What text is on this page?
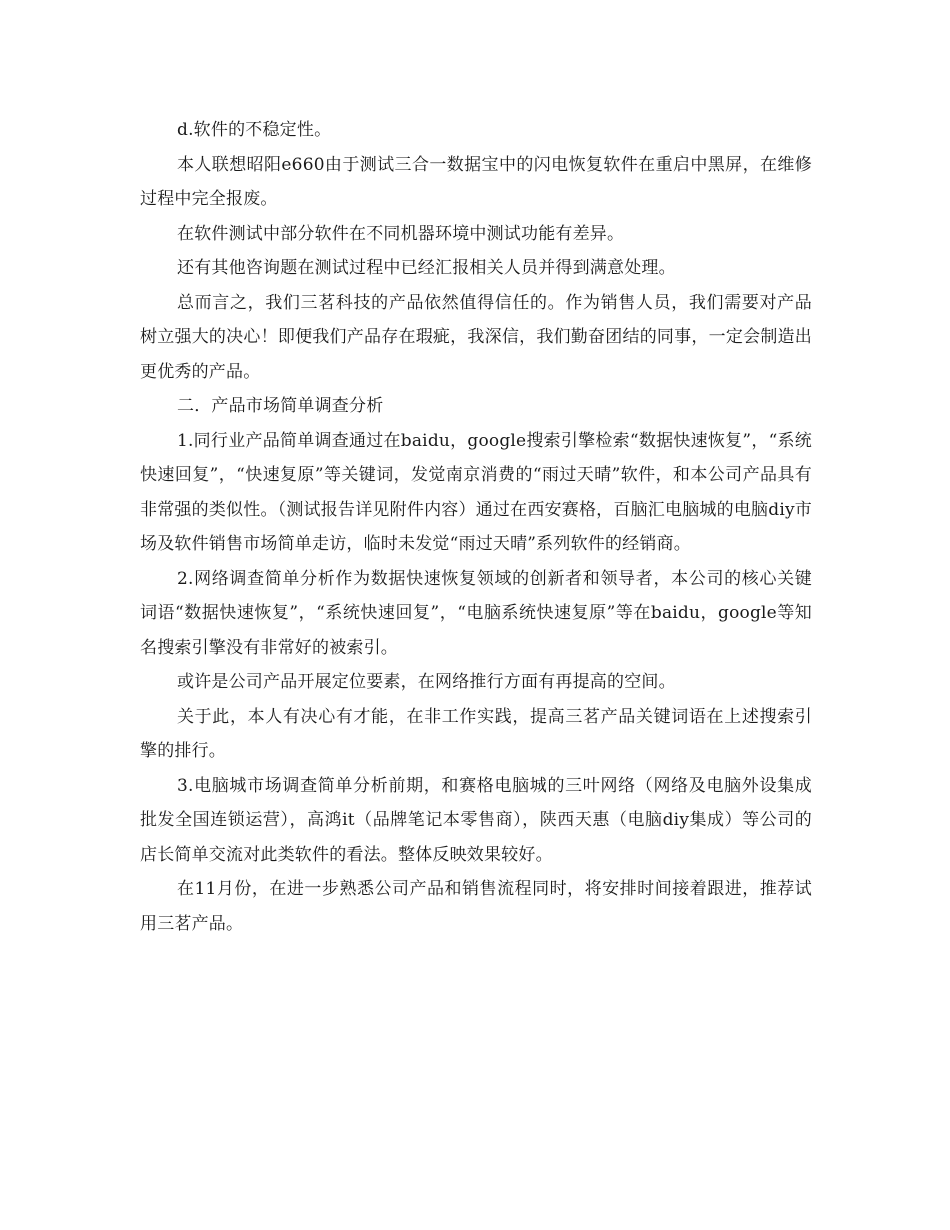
d.软件的不稳定性。

本人联想昭阳e660由于测试三合一数据宝中的闪电恢复软件在重启中黑屏，在维修过程中完全报废。

在软件测试中部分软件在不同机器环境中测试功能有差异。

还有其他咨询题在测试过程中已经汇报相关人员并得到满意处理。

总而言之，我们三茗科技的产品依然值得信任的。作为销售人员，我们需要对产品树立强大的决心！即便我们产品存在瑕疵，我深信，我们勤奋团结的同事，一定会制造出更优秀的产品。

二．产品市场简单调查分析

1.同行业产品简单调查通过在baidu，google搜索引擎检索“数据快速恢复”，“系统快速回复”，“快速复原”等关键词，发觉南京消费的“雨过天晴”软件，和本公司产品具有非常强的类似性。（测试报告详见附件内容）通过在西安赛格，百脑汇电脑城的电脑diy市场及软件销售市场简单走访，临时未发觉“雨过天晴”系列软件的经销商。

2.网络调查简单分析作为数据快速恢复领域的创新者和领导者，本公司的核心关键词语“数据快速恢复”，“系统快速回复”，“电脑系统快速复原”等在baidu，google等知名搜索引擎没有非常好的被索引。

或许是公司产品开展定位要素，在网络推行方面有再提高的空间。

关于此，本人有决心有才能，在非工作实践，提高三茗产品关键词语在上述搜索引擎的排行。

3.电脑城市场调查简单分析前期，和赛格电脑城的三叶网络（网络及电脑外设集成批发全国连锁运营），高鸿it（品牌笔记本零售商），陕西天惠（电脑diy集成）等公司的店长简单交流对此类软件的看法。整体反映效果较好。

在11月份，在进一步熟悉公司产品和销售流程同时，将安排时间接着跟进，推荐试用三茗产品。
